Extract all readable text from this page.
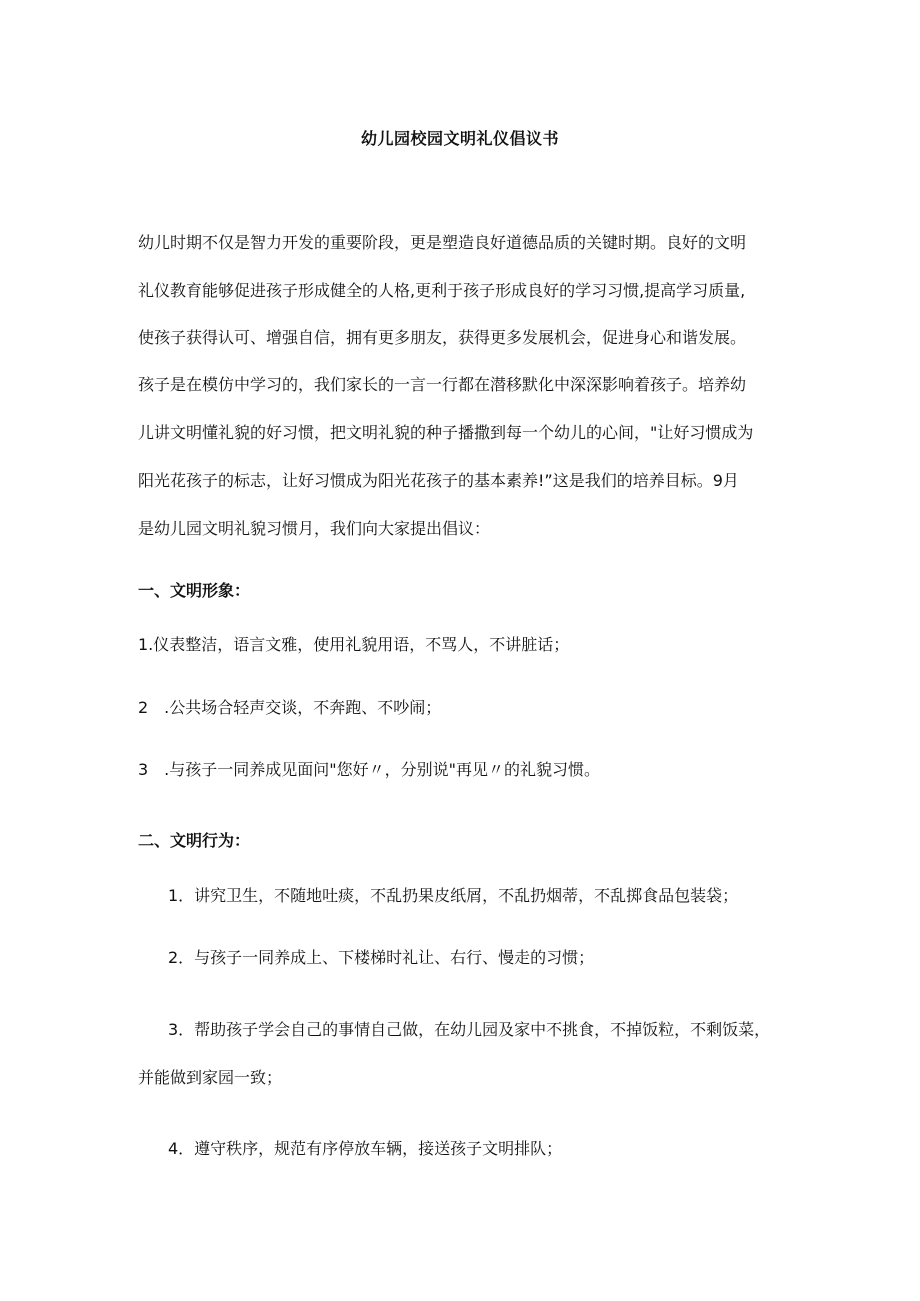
幼儿园校园文明礼仪倡议书
幼儿时期不仅是智力开发的重要阶段，更是塑造良好道德品质的关键时期。良好的文明
礼仪教育能够促进孩子形成健全的人格,更利于孩子形成良好的学习习惯,提高学习质量,
使孩子获得认可、增强自信，拥有更多朋友，获得更多发展机会，促进身心和谐发展。
孩子是在模仿中学习的，我们家长的一言一行都在潜移默化中深深影响着孩子。培养幼
儿讲文明懂礼貌的好习惯，把文明礼貌的种子播撒到每一个幼儿的心间，"让好习惯成为
阳光花孩子的标志，让好习惯成为阳光花孩子的基本素养!”这是我们的培养目标。9月
是幼儿园文明礼貌习惯月，我们向大家提出倡议：
一、文明形象：
1.仪表整洁，语言文雅，使用礼貌用语，不骂人，不讲脏话；
2　.公共场合轻声交谈，不奔跑、不吵闹；
3　.与孩子一同养成见面问"您好〃，分别说"再见〃的礼貌习惯。
二、文明行为：
1．讲究卫生，不随地吐痰，不乱扔果皮纸屑，不乱扔烟蒂，不乱掷食品包装袋；
2．与孩子一同养成上、下楼梯时礼让、右行、慢走的习惯；
3．帮助孩子学会自己的事情自己做，在幼儿园及家中不挑食，不掉饭粒，不剩饭菜，
并能做到家园一致；
4．遵守秩序，规范有序停放车辆，接送孩子文明排队；
